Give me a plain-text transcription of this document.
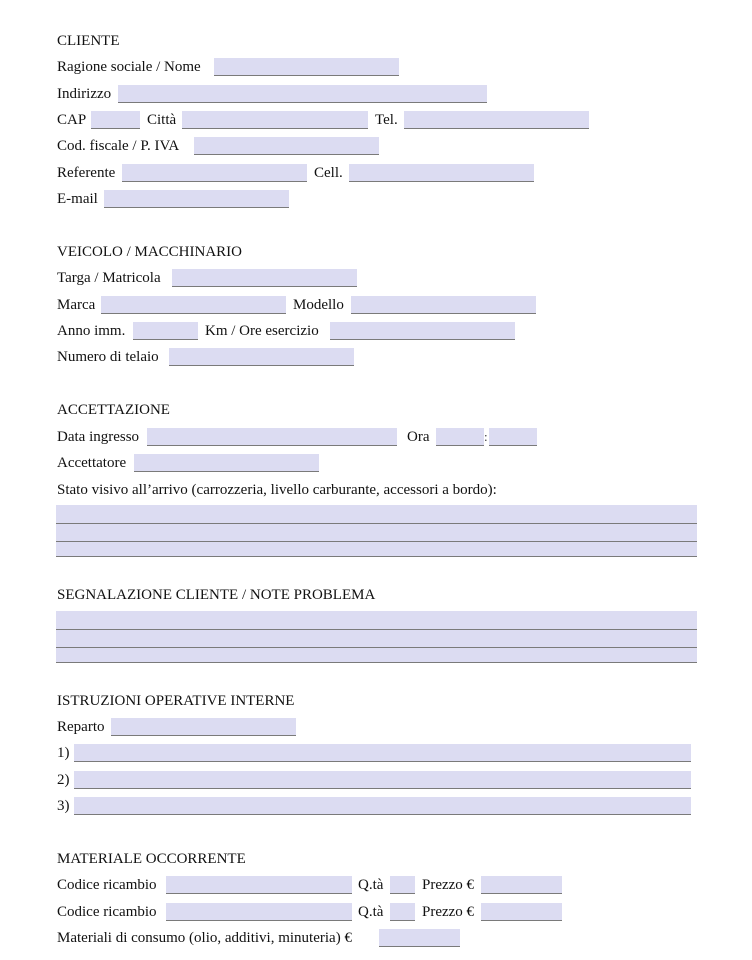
CLIENTE
Ragione sociale / Nome
Indirizzo
CAP	Città	Tel.
Cod. fiscale / P. IVA
Referente	Cell.
E-mail
VEICOLO / MACCHINARIO
Targa / Matricola
Marca	Modello
Anno imm.	Km / Ore esercizio
Numero di telaio
ACCETTAZIONE
Data ingresso	Ora	:
Accettatore
Stato visivo all’arrivo (carrozzeria, livello carburante, accessori a bordo):
SEGNALAZIONE CLIENTE / NOTE PROBLEMA
ISTRUZIONI OPERATIVE INTERNE
Reparto
1)
2)
3)
MATERIALE OCCORRENTE
Codice ricambio	Q.tà	Prezzo €
Codice ricambio	Q.tà	Prezzo €
Materiali di consumo (olio, additivi, minuteria) €
